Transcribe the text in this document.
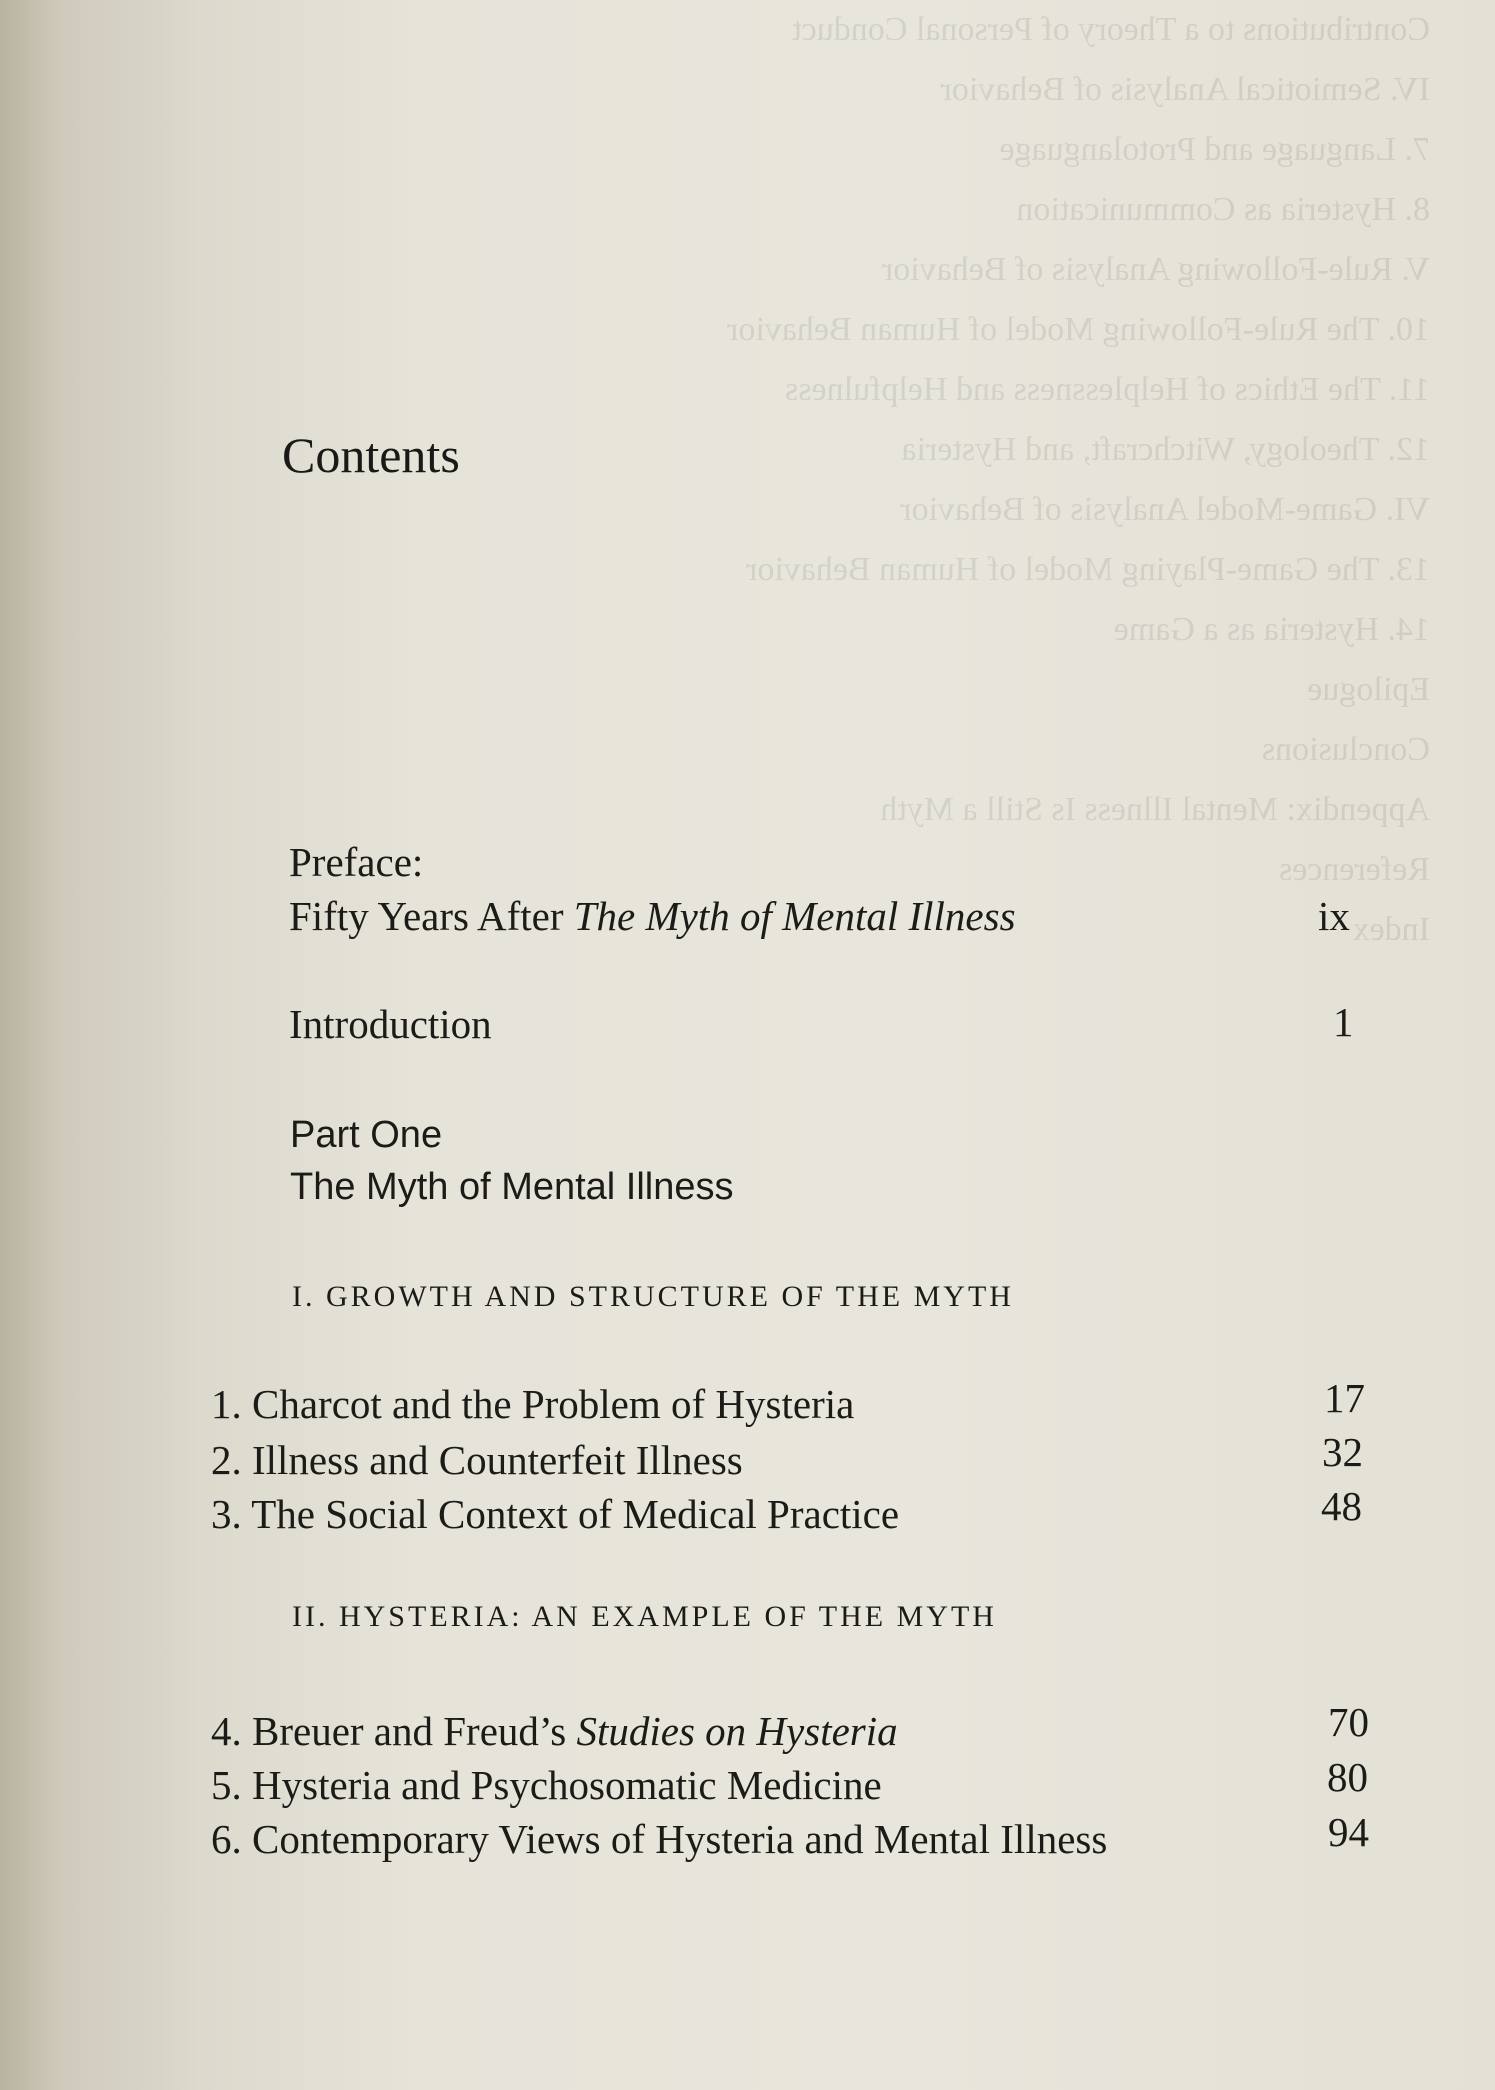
Contributions to a Theory of Personal Conduct
IV. Semiotical Analysis of Behavior
7. Language and Protolanguage
8. Hysteria as Communication
V. Rule-Following Analysis of Behavior
10. The Rule-Following Model of Human Behavior
11. The Ethics of Helplessness and Helpfulness
12. Theology, Witchcraft, and Hysteria
VI. Game-Model Analysis of Behavior
13. The Game-Playing Model of Human Behavior
14. Hysteria as a Game
Epilogue
Conclusions
Appendix: Mental Illness Is Still a Myth
References
Index
Contents
Preface:
Fifty Years After The Myth of Mental Illness	ix
Introduction	1
Part One
The Myth of Mental Illness
I. GROWTH AND STRUCTURE OF THE MYTH
1. Charcot and the Problem of Hysteria	17
2. Illness and Counterfeit Illness	32
3. The Social Context of Medical Practice	48
II. HYSTERIA: AN EXAMPLE OF THE MYTH
4. Breuer and Freud’s Studies on Hysteria	70
5. Hysteria and Psychosomatic Medicine	80
6. Contemporary Views of Hysteria and Mental Illness	94
